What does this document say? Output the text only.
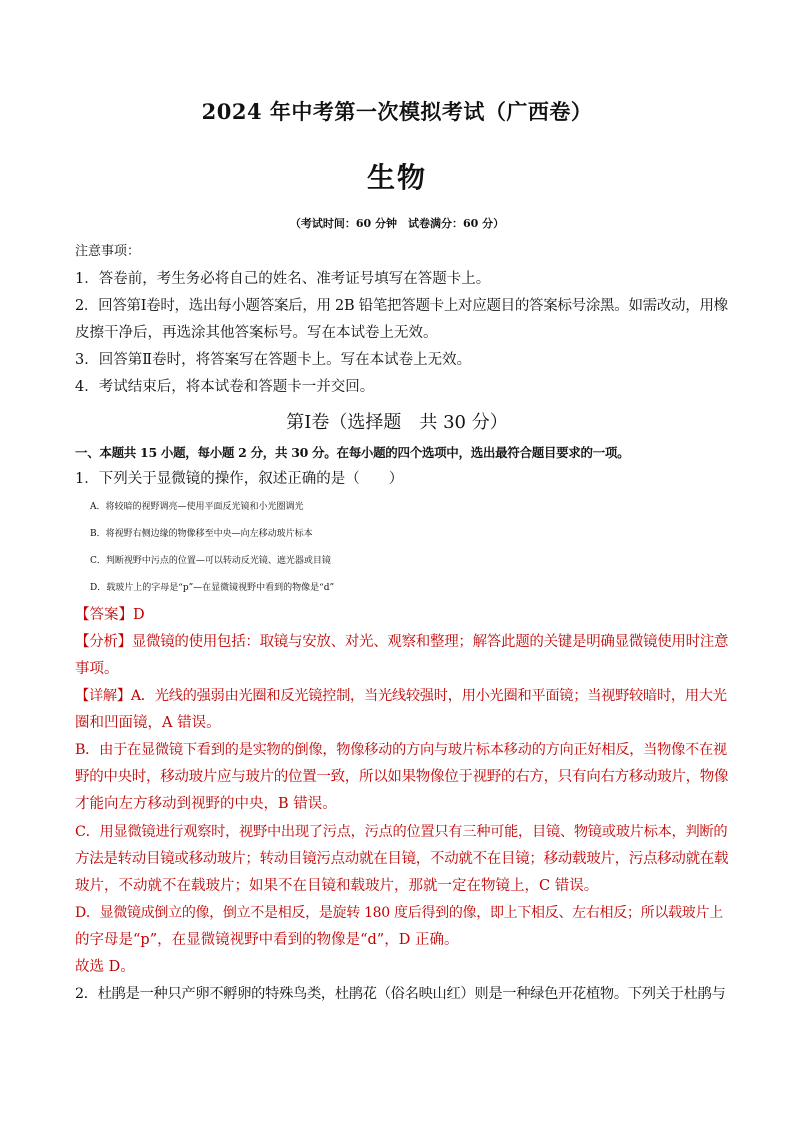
2024 年中考第一次模拟考试（广西卷）
生物
（考试时间：60 分钟　试卷满分：60 分）
注意事项：
1．答卷前，考生务必将自己的姓名、准考证号填写在答题卡上。
2．回答第Ⅰ卷时，选出每小题答案后，用 2B 铅笔把答题卡上对应题目的答案标号涂黑。如需改动，用橡
皮擦干净后，再选涂其他答案标号。写在本试卷上无效。
3．回答第Ⅱ卷时，将答案写在答题卡上。写在本试卷上无效。
4．考试结束后，将本试卷和答题卡一并交回。
第Ⅰ卷（选择题　共 30 分）
一、本题共 15 小题，每小题 2 分，共 30 分。在每小题的四个选项中，选出最符合题目要求的一项。
1．下列关于显微镜的操作，叙述正确的是（　　）
A．将较暗的视野调亮—使用平面反光镜和小光圈调光
B．将视野右侧边缘的物像移至中央—向左移动玻片标本
C．判断视野中污点的位置—可以转动反光镜、遮光器或目镜
D．载玻片上的字母是“p”—在显微镜视野中看到的物像是“d”
【答案】D
【分析】显微镜的使用包括：取镜与安放、对光、观察和整理；解答此题的关键是明确显微镜使用时注意
事项。
【详解】A．光线的强弱由光圈和反光镜控制，当光线较强时，用小光圈和平面镜；当视野较暗时，用大光
圈和凹面镜，A 错误。
B．由于在显微镜下看到的是实物的倒像，物像移动的方向与玻片标本移动的方向正好相反，当物像不在视
野的中央时，移动玻片应与玻片的位置一致，所以如果物像位于视野的右方，只有向右方移动玻片，物像
才能向左方移动到视野的中央，B 错误。
C．用显微镜进行观察时，视野中出现了污点，污点的位置只有三种可能，目镜、物镜或玻片标本，判断的
方法是转动目镜或移动玻片；转动目镜污点动就在目镜，不动就不在目镜；移动载玻片，污点移动就在载
玻片，不动就不在载玻片；如果不在目镜和载玻片，那就一定在物镜上，C 错误。
D．显微镜成倒立的像，倒立不是相反，是旋转 180 度后得到的像，即上下相反、左右相反；所以载玻片上
的字母是“p”，在显微镜视野中看到的物像是“d”，D 正确。
故选 D。
2．杜鹃是一种只产卵不孵卵的特殊鸟类，杜鹃花（俗名映山红）则是一种绿色开花植物。下列关于杜鹃与
